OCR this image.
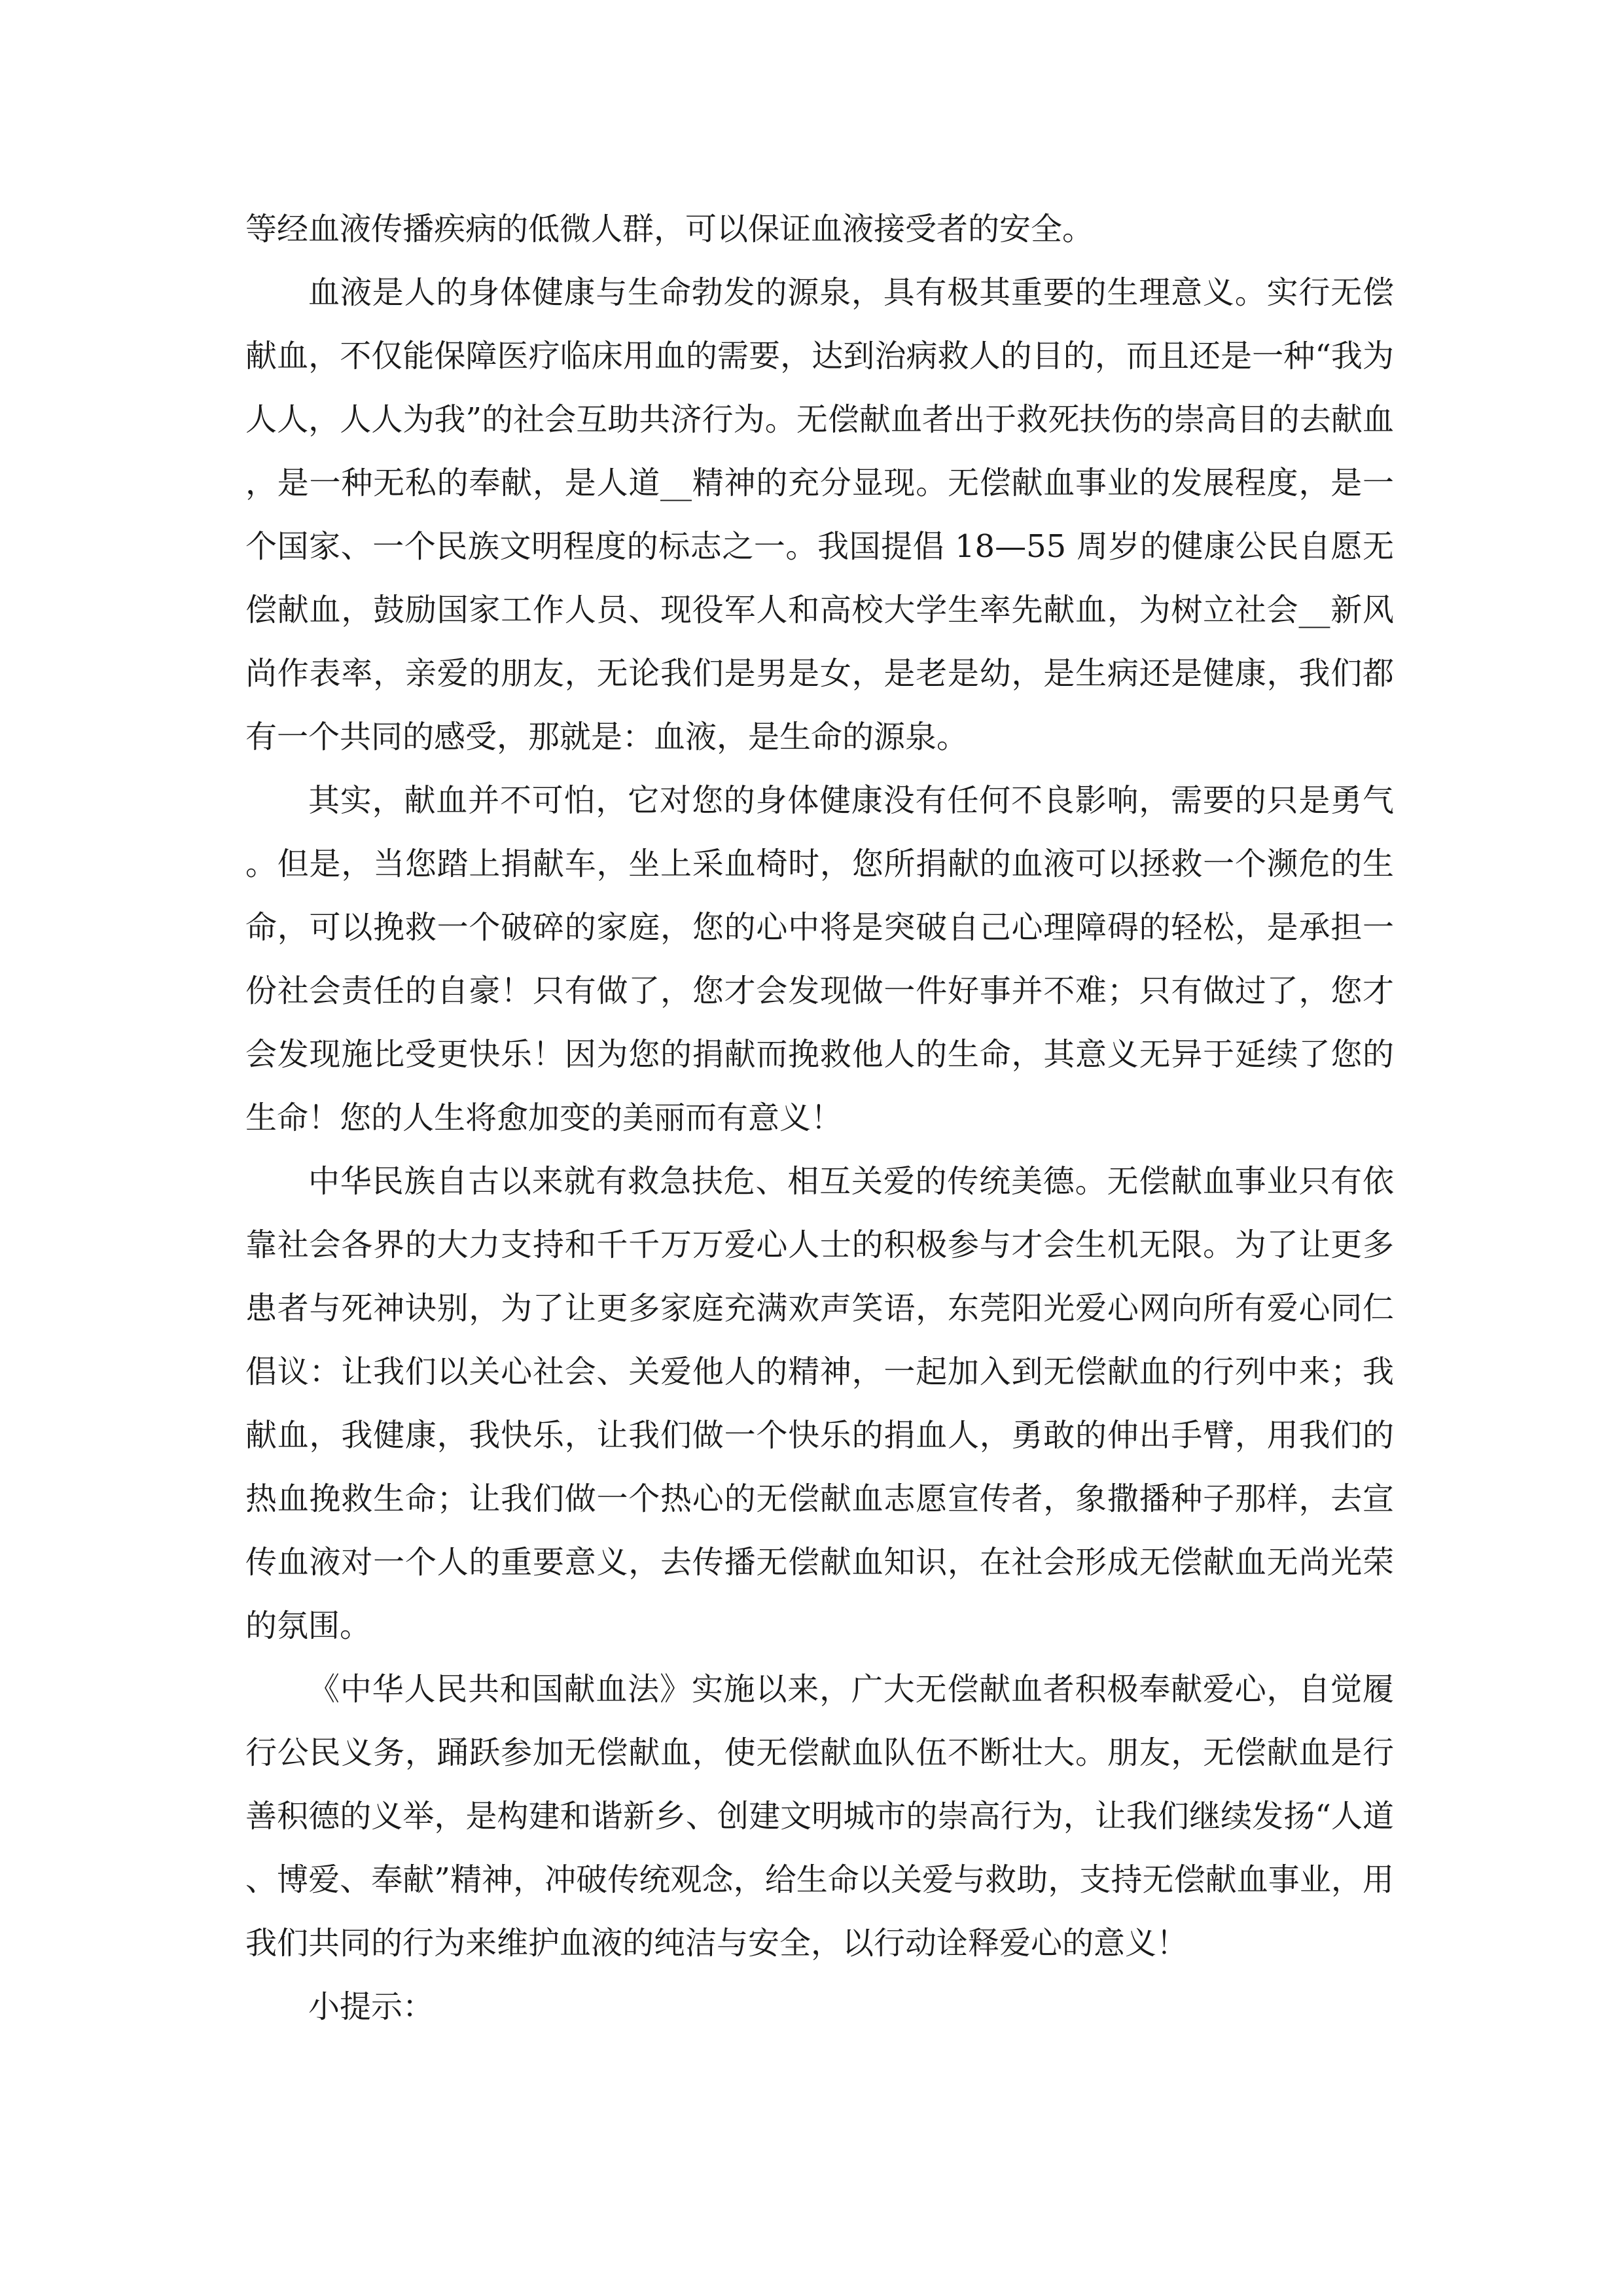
等经血液传播疾病的低微人群，可以保证血液接受者的安全。

血液是人的身体健康与生命勃发的源泉，具有极其重要的生理意义。实行无偿献血，不仅能保障医疗临床用血的需要，达到治病救人的目的，而且还是一种“我为人人，人人为我”的社会互助共济行为。无偿献血者出于救死扶伤的崇高目的去献血，是一种无私的奉献，是人道__精神的充分显现。无偿献血事业的发展程度，是一个国家、一个民族文明程度的标志之一。我国提倡 18—55 周岁的健康公民自愿无偿献血，鼓励国家工作人员、现役军人和高校大学生率先献血，为树立社会__新风尚作表率，亲爱的朋友，无论我们是男是女，是老是幼，是生病还是健康，我们都有一个共同的感受，那就是：血液，是生命的源泉。

其实，献血并不可怕，它对您的身体健康没有任何不良影响，需要的只是勇气。但是，当您踏上捐献车，坐上采血椅时，您所捐献的血液可以拯救一个濒危的生命，可以挽救一个破碎的家庭，您的心中将是突破自己心理障碍的轻松，是承担一份社会责任的自豪！只有做了，您才会发现做一件好事并不难；只有做过了，您才会发现施比受更快乐！因为您的捐献而挽救他人的生命，其意义无异于延续了您的生命！您的人生将愈加变的美丽而有意义！

中华民族自古以来就有救急扶危、相互关爱的传统美德。无偿献血事业只有依靠社会各界的大力支持和千千万万爱心人士的积极参与才会生机无限。为了让更多患者与死神诀别，为了让更多家庭充满欢声笑语，东莞阳光爱心网向所有爱心同仁倡议：让我们以关心社会、关爱他人的精神，一起加入到无偿献血的行列中来；我献血，我健康，我快乐，让我们做一个快乐的捐血人，勇敢的伸出手臂，用我们的热血挽救生命；让我们做一个热心的无偿献血志愿宣传者，象撒播种子那样，去宣传血液对一个人的重要意义，去传播无偿献血知识，在社会形成无偿献血无尚光荣的氛围。

《中华人民共和国献血法》实施以来，广大无偿献血者积极奉献爱心，自觉履行公民义务，踊跃参加无偿献血，使无偿献血队伍不断壮大。朋友，无偿献血是行善积德的义举，是构建和谐新乡、创建文明城市的崇高行为，让我们继续发扬“人道、博爱、奉献”精神，冲破传统观念，给生命以关爱与救助，支持无偿献血事业，用我们共同的行为来维护血液的纯洁与安全，以行动诠释爱心的意义！

小提示：
